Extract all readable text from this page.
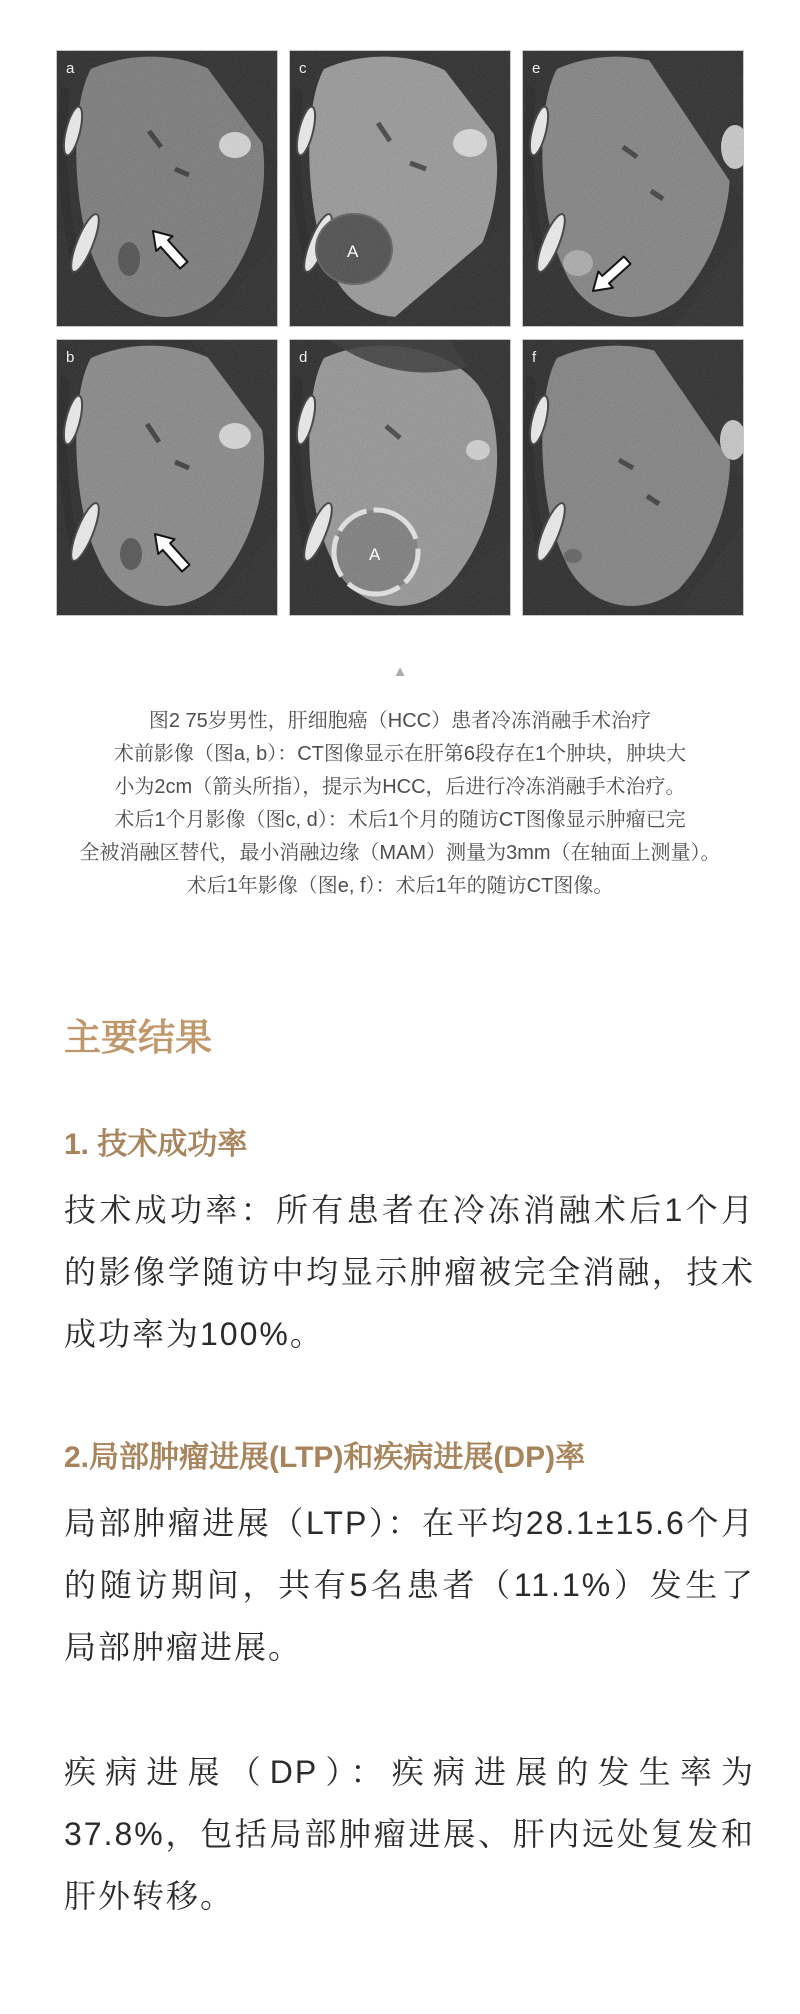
a
A
c	e
b
A
d	f
▲
图2 75岁男性，肝细胞癌（HCC）患者冷冻消融手术治疗
术前影像（图a, b）：CT图像显示在肝第6段存在1个肿块，肿块大
小为2cm（箭头所指），提示为HCC，后进行冷冻消融手术治疗。
术后1个月影像（图c, d）：术后1个月的随访CT图像显示肿瘤已完
全被消融区替代，最小消融边缘（MAM）测量为3mm（在轴面上测量）。
术后1年影像（图e, f）：术后1年的随访CT图像。
主要结果
1. 技术成功率

技术成功率：所有患者在冷冻消融术后1个月的影像学随访中均显示肿瘤被完全消融，技术成功率为100%。

2.局部肿瘤进展(LTP)和疾病进展(DP)率

局部肿瘤进展（LTP）：在平均28.1±15.6个月的随访期间，共有5名患者（11.1%）发生了局部肿瘤进展。

疾病进展（DP）：疾病进展的发生率为37.8%，包括局部肿瘤进展、肝内远处复发和肝外转移。
